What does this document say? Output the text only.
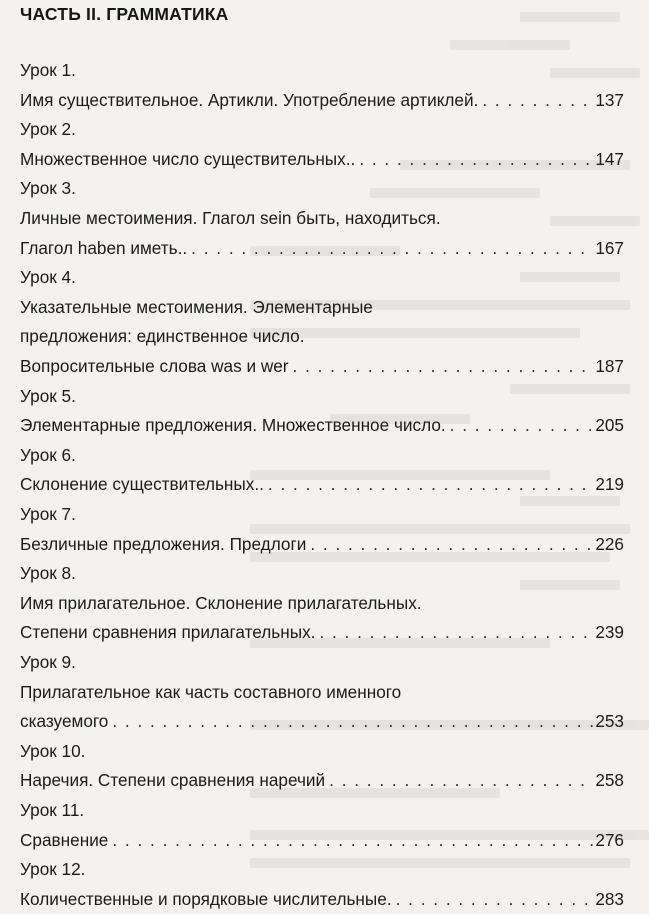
ЧАСТЬ II. ГРАММАТИКА
Урок 1.
Имя существительное. Артикли. Употребление артиклей. . . .	137
Урок 2.
Множественное число существительных.. . . .	147
Урок 3.
Личные местоимения. Глагол sein быть, находиться.
Глагол haben иметь.. . . .	167
Урок 4.
Указательные местоимения. Элементарные
предложения: единственное число.
Вопросительные слова was и wer . . .	187
Урок 5.
Элементарные предложения. Множественное число. . . .	205
Урок 6.
Склонение существительных.. . . .	219
Урок 7.
Безличные предложения. Предлоги . . .	226
Урок 8.
Имя прилагательное. Склонение прилагательных.
Степени сравнения прилагательных. . . .	239
Урок 9.
Прилагательное как часть составного именного
сказуемого . . .	253
Урок 10.
Наречия. Степени сравнения наречий . . .	258
Урок 11.
Сравнение . . .	276
Урок 12.
Количественные и порядковые числительные. . . .	283
